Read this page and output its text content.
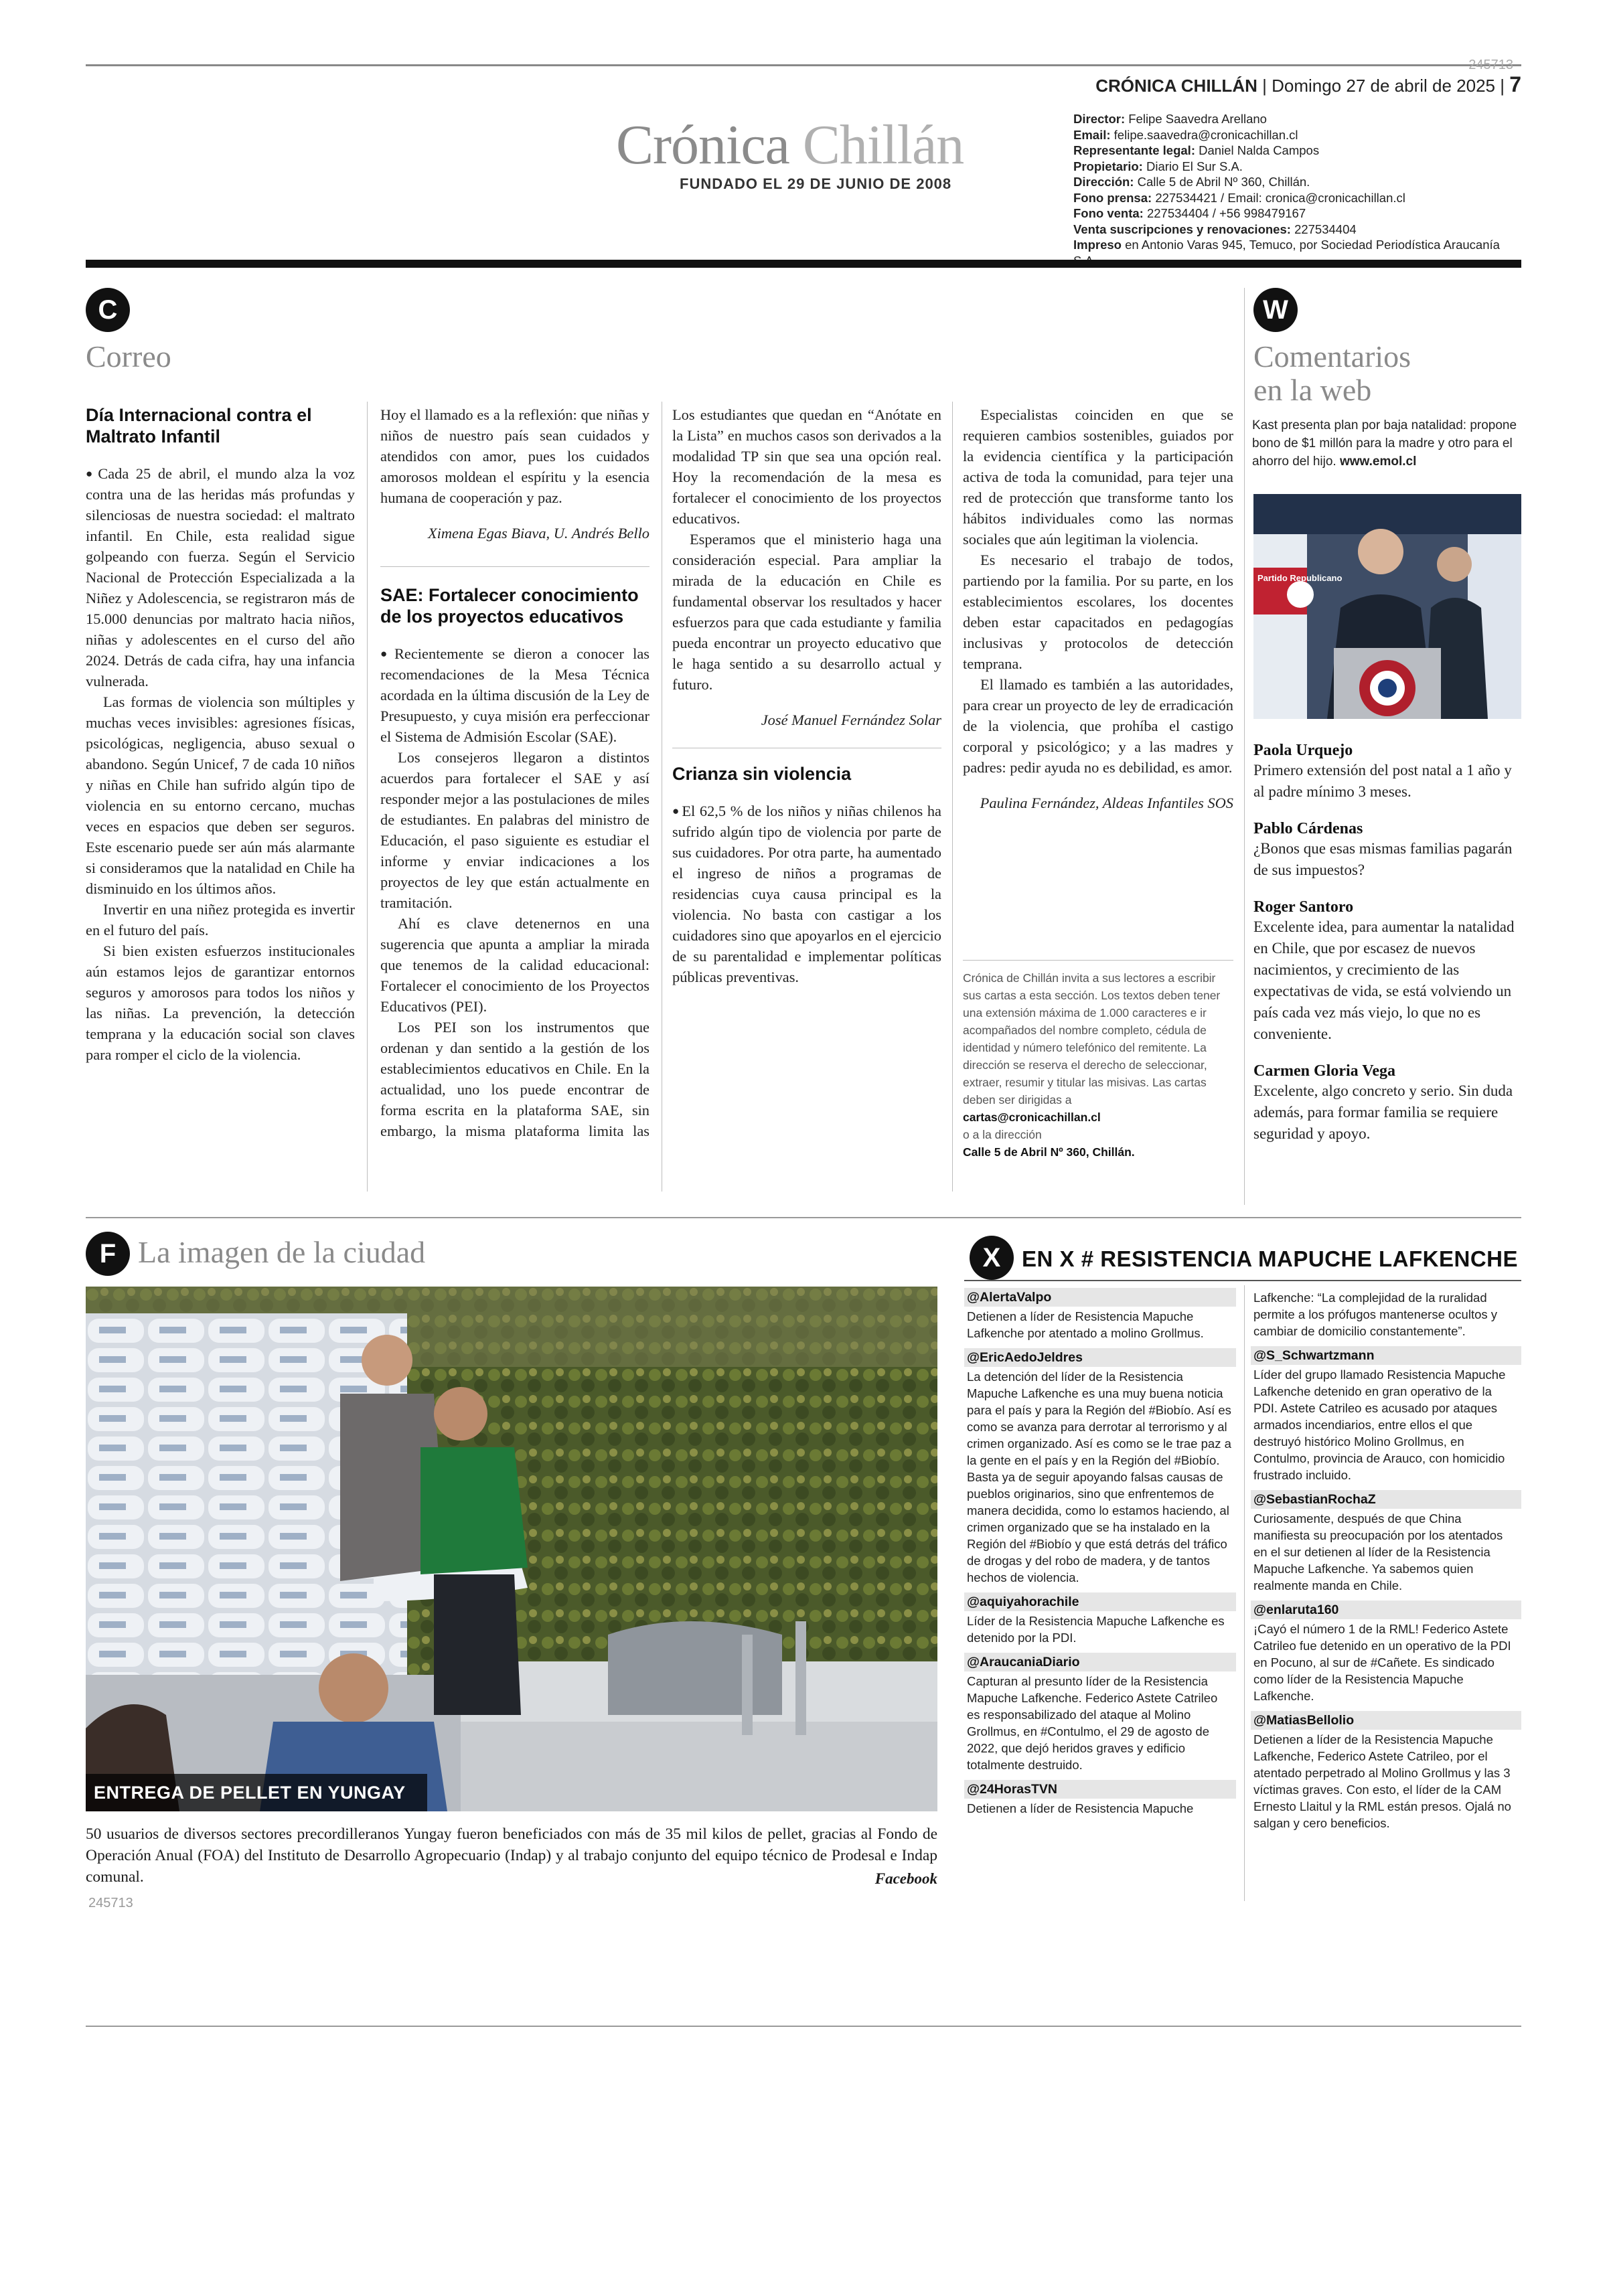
245713
CRÓNICA CHILLÁN | Domingo 27 de abril de 2025 | 7
Crónica Chillán
FUNDADO EL 29 DE JUNIO DE 2008
Director: Felipe Saavedra Arellano
Email: felipe.saavedra@cronicachillan.cl
Representante legal: Daniel Nalda Campos
Propietario: Diario El Sur S.A.
Dirección: Calle 5 de Abril Nº 360, Chillán.
Fono prensa: 227534421 / Email: cronica@cronicachillan.cl
Fono venta: 227534404 / +56 998479167
Venta suscripciones y renovaciones: 227534404
Impreso en Antonio Varas 945, Temuco, por Sociedad Periodística Araucanía
C
Correo
Día Internacional contra el Maltrato Infantil

● Cada 25 de abril, el mundo alza la voz contra una de las heridas más profundas y silenciosas de nuestra sociedad: el maltrato infantil. En Chile, esta realidad sigue golpeando con fuerza. Según el Servicio Nacional de Protección Especializada a la Niñez y Adolescencia, se registraron más de 15.000 denuncias por maltrato hacia niños, niñas y adolescentes en el curso del año 2024. Detrás de cada cifra, hay una infancia vulnerada.

Las formas de violencia son múltiples y muchas veces invisibles: agresiones físicas, psicológicas, negligencia, abuso sexual o abandono. Según Unicef, 7 de cada 10 niños y niñas en Chile han sufrido algún tipo de violencia en su entorno cercano, muchas veces en espacios que deben ser seguros. Este escenario puede ser aún más alarmante si consideramos que la natalidad en Chile ha disminuido en los últimos años.

Invertir en una niñez protegida es invertir en el futuro del país.

Si bien existen esfuerzos institucionales aún estamos lejos de garantizar entornos seguros y amorosos para todos los niños y las niñas. La prevención, la detección temprana y la educación social son claves para romper el ciclo de la violencia.

Hoy el llamado es a la reflexión: que niñas y niños de nuestro país sean cuidados y atendidos con amor, pues los cuidados amorosos moldean el espíritu y la esencia humana de cooperación y paz.

Ximena Egas Biava, U. Andrés Bello

SAE: Fortalecer conocimiento de los proyectos educativos

● Recientemente se dieron a conocer las recomendaciones de la Mesa Técnica acordada en la última discusión de la Ley de Presupuesto, y cuya misión era perfeccionar el Sistema de Admisión Escolar (SAE).

Los consejeros llegaron a distintos acuerdos para fortalecer el SAE y así responder mejor a las postulaciones de miles de estudiantes. En palabras del ministro de Educación, el paso siguiente es estudiar el informe y enviar indicaciones a los proyectos de ley que están actualmente en tramitación.

Ahí es clave detenernos en una sugerencia que apunta a ampliar la mirada que tenemos de la calidad educacional: Fortalecer el conocimiento de los Proyectos Educativos (PEI).

Los PEI son los instrumentos que ordenan y dan sentido a la gestión de los establecimientos educativos en Chile. En la actualidad, uno los puede encontrar de forma escrita en la plataforma SAE, sin embargo, la misma plataforma limita las

Los estudiantes que quedan en “Anótate en la Lista” en muchos casos son derivados a la modalidad TP sin que sea una opción real. Hoy la recomendación de la mesa es fortalecer el conocimiento de los proyectos educativos.

Esperamos que el ministerio haga una consideración especial. Para ampliar la mirada de la educación en Chile es fundamental observar los resultados y hacer esfuerzos para que cada estudiante y familia pueda encontrar un proyecto educativo que le haga sentido a su desarrollo actual y futuro.

José Manuel Fernández Solar

Crianza sin violencia

● El 62,5 % de los niños y niñas chilenos ha sufrido algún tipo de violencia por parte de sus cuidadores. Por otra parte, ha aumentado el ingreso de niños a programas de residencias cuya causa principal es la violencia. No basta con castigar a los cuidadores sino que apoyarlos en el ejercicio de su parentalidad e implementar políticas públicas preventivas.

Especialistas coinciden en que se requieren cambios sostenibles, guiados por la evidencia científica y la participación activa de toda la comunidad, para tejer una red de protección que transforme tanto los hábitos individuales como las normas sociales que aún legitiman la violencia.

Es necesario el trabajo de todos, partiendo por la familia. Por su parte, en los establecimientos escolares, los docentes deben estar capacitados en pedagogías inclusivas y protocolos de detección temprana.

El llamado es también a las autoridades, para crear un proyecto de ley de erradicación de la violencia, que prohíba el castigo corporal y psicológico; y a las madres y padres: pedir ayuda no es debilidad, es amor.

Paulina Fernández, Aldeas Infantiles SOS

Crónica de Chillán invita a sus lectores a escribir sus cartas a esta sección. Los textos deben tener una extensión máxima de 1.000 caracteres e ir acompañados del nombre completo, cédula de identidad y número telefónico del remitente. La dirección se reserva el derecho de seleccionar, extraer, resumir y titular las misivas. Las cartas deben ser dirigidas a
cartas@cronicachillan.cl
o a la dirección
Calle 5 de Abril Nº 360, Chillán.
W
Comentarios
en la web
Kast presenta plan por baja natalidad: propone bono de $1 millón para la madre y otro para el ahorro del hijo. www.emol.cl
Partido Republicano
Paola Urquejo
Primero extensión del post natal a 1 año y al padre mínimo 3 meses.
Pablo Cárdenas
¿Bonos que esas mismas familias pagarán de sus impuestos?
Roger Santoro
Excelente idea, para aumentar la natalidad en Chile, que por escasez de nuevos nacimientos, y crecimiento de las expectativas de vida, se está volviendo un país cada vez más viejo, lo que no es conveniente.
Carmen Gloria Vega
Excelente, algo concreto y serio. Sin duda además, para formar familia se requiere seguridad y apoyo.
F La imagen de la ciudad
ENTREGA DE PELLET EN YUNGAY
50 usuarios de diversos sectores precordilleranos Yungay fueron beneficiados con más de 35 mil kilos de pellet, gracias al Fondo de Operación Anual (FOA) del Instituto de Desarrollo Agropecuario (Indap) y al trabajo conjunto del equipo técnico de Prodesal e Indap comunal.	Facebook
245713
X EN X # RESISTENCIA MAPUCHE LAFKENCHE
@AlertaValpo
Detienen a líder de Resistencia Mapuche Lafkenche por atentado a molino Grollmus.
@EricAedoJeldres
La detención del líder de la Resistencia Mapuche Lafkenche es una muy buena noticia para el país y para la Región del #Biobío. Así es como se avanza para derrotar al terrorismo y al crimen organizado. Así es como se le trae paz a la gente en el país y en la Región del #Biobío. Basta ya de seguir apoyando falsas causas de pueblos originarios, sino que enfrentemos de manera decidida, como lo estamos haciendo, al crimen organizado que se ha instalado en la Región del #Biobío y que está detrás del tráfico de drogas y del robo de madera, y de tantos hechos de violencia.
@aquiyahorachile
Líder de la Resistencia Mapuche Lafkenche es detenido por la PDI.
@AraucaniaDiario
Capturan al presunto líder de la Resistencia Mapuche Lafkenche. Federico Astete Catrileo es responsabilizado del ataque al Molino Grollmus, en #Contulmo, el 29 de agosto de 2022, que dejó heridos graves y edificio totalmente destruido.
@24HorasTVN
Detienen a líder de Resistencia Mapuche
Lafkenche: “La complejidad de la ruralidad permite a los prófugos mantenerse ocultos y cambiar de domicilio constantemente”.
@S_Schwartzmann
Líder del grupo llamado Resistencia Mapuche Lafkenche detenido en gran operativo de la PDI. Astete Catrileo es acusado por ataques armados incendiarios, entre ellos el que destruyó histórico Molino Grollmus, en Contulmo, provincia de Arauco, con homicidio frustrado incluido.
@SebastianRochaZ
Curiosamente, después de que China manifiesta su preocupación por los atentados en el sur detienen al líder de la Resistencia Mapuche Lafkenche. Ya sabemos quien realmente manda en Chile.
@enlaruta160
¡Cayó el número 1 de la RML! Federico Astete Catrileo fue detenido en un operativo de la PDI en Pocuno, al sur de #Cañete. Es sindicado como líder de la Resistencia Mapuche Lafkenche.
@MatiasBellolio
Detienen a líder de la Resistencia Mapuche Lafkenche, Federico Astete Catrileo, por el atentado perpetrado al Molino Grollmus y las 3 víctimas graves. Con esto, el líder de la CAM Ernesto Llaitul y la RML están presos. Ojalá no salgan y cero beneficios.
